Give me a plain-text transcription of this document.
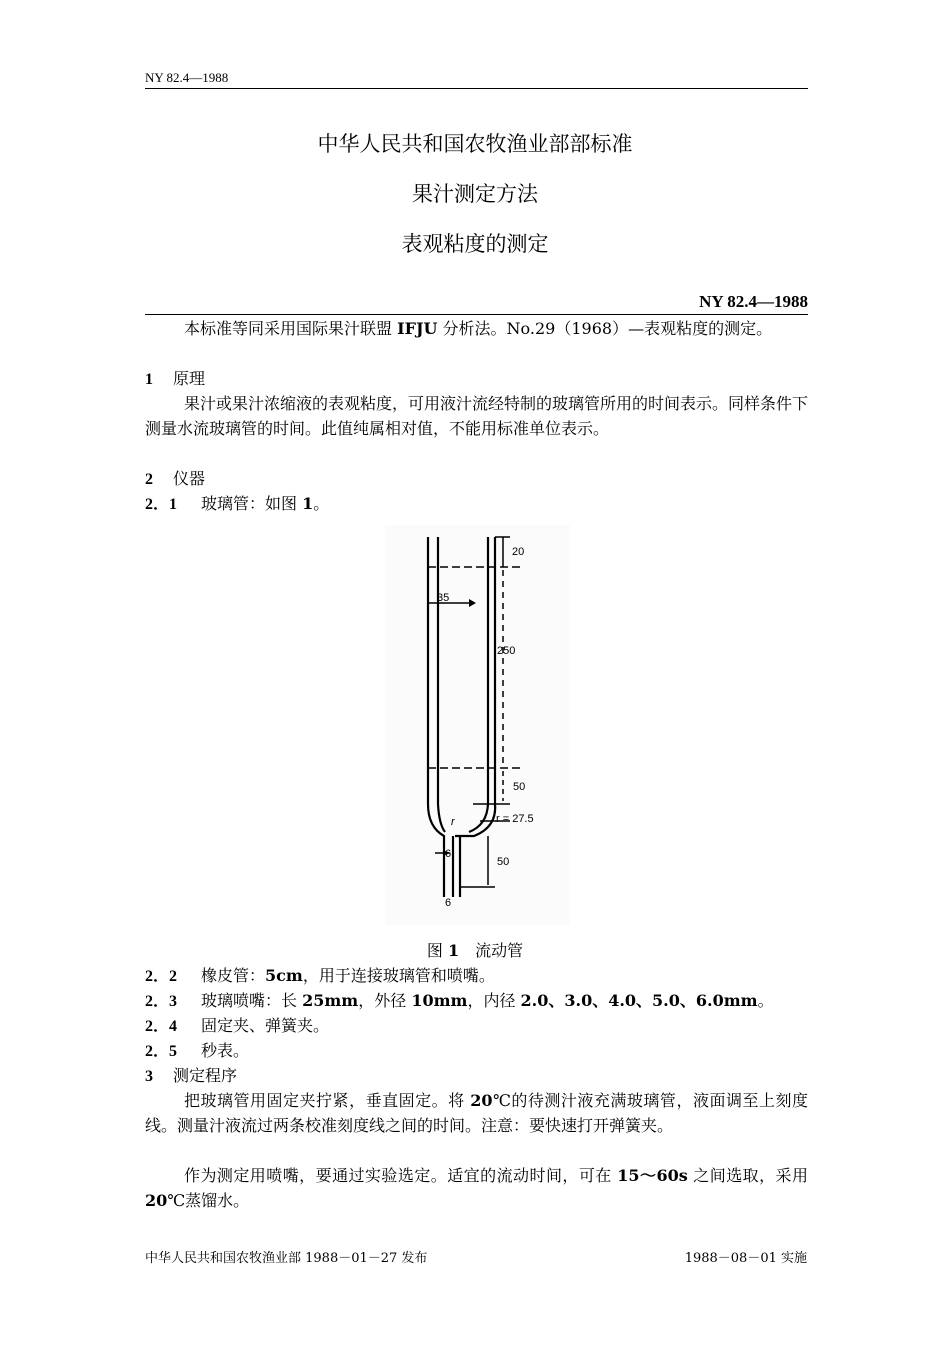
NY 82.4—1988
中华人民共和国农牧渔业部部标准
果汁测定方法
表观粘度的测定
NY 82.4—1988
本标准等同采用国际果汁联盟 IFJU 分析法。No.29（1968）—表观粘度的测定。
1 原理
果汁或果汁浓缩液的表观粘度，可用液汁流经特制的玻璃管所用的时间表示。同样条件下测量水流玻璃管的时间。此值纯属相对值，不能用标准单位表示。
2 仪器
2．1 玻璃管：如图 1。
20
35
250
50
r	r = 27.5
6
50
6
图 1　流动管
2．2 橡皮管：5cm，用于连接玻璃管和喷嘴。
2．3 玻璃喷嘴：长 25mm，外径 10mm，内径 2.0、3.0、4.0、5.0、6.0mm。
2．4 固定夹、弹簧夹。
2．5 秒表。
3 测定程序
把玻璃管用固定夹拧紧，垂直固定。将 20℃的待测汁液充满玻璃管，液面调至上刻度线。测量汁液流过两条校准刻度线之间的时间。注意：要快速打开弹簧夹。
作为测定用喷嘴，要通过实验选定。适宜的流动时间，可在 15～60s 之间选取，采用 20℃蒸馏水。
中华人民共和国农牧渔业部 1988－01－27 发布	1988－08－01 实施
